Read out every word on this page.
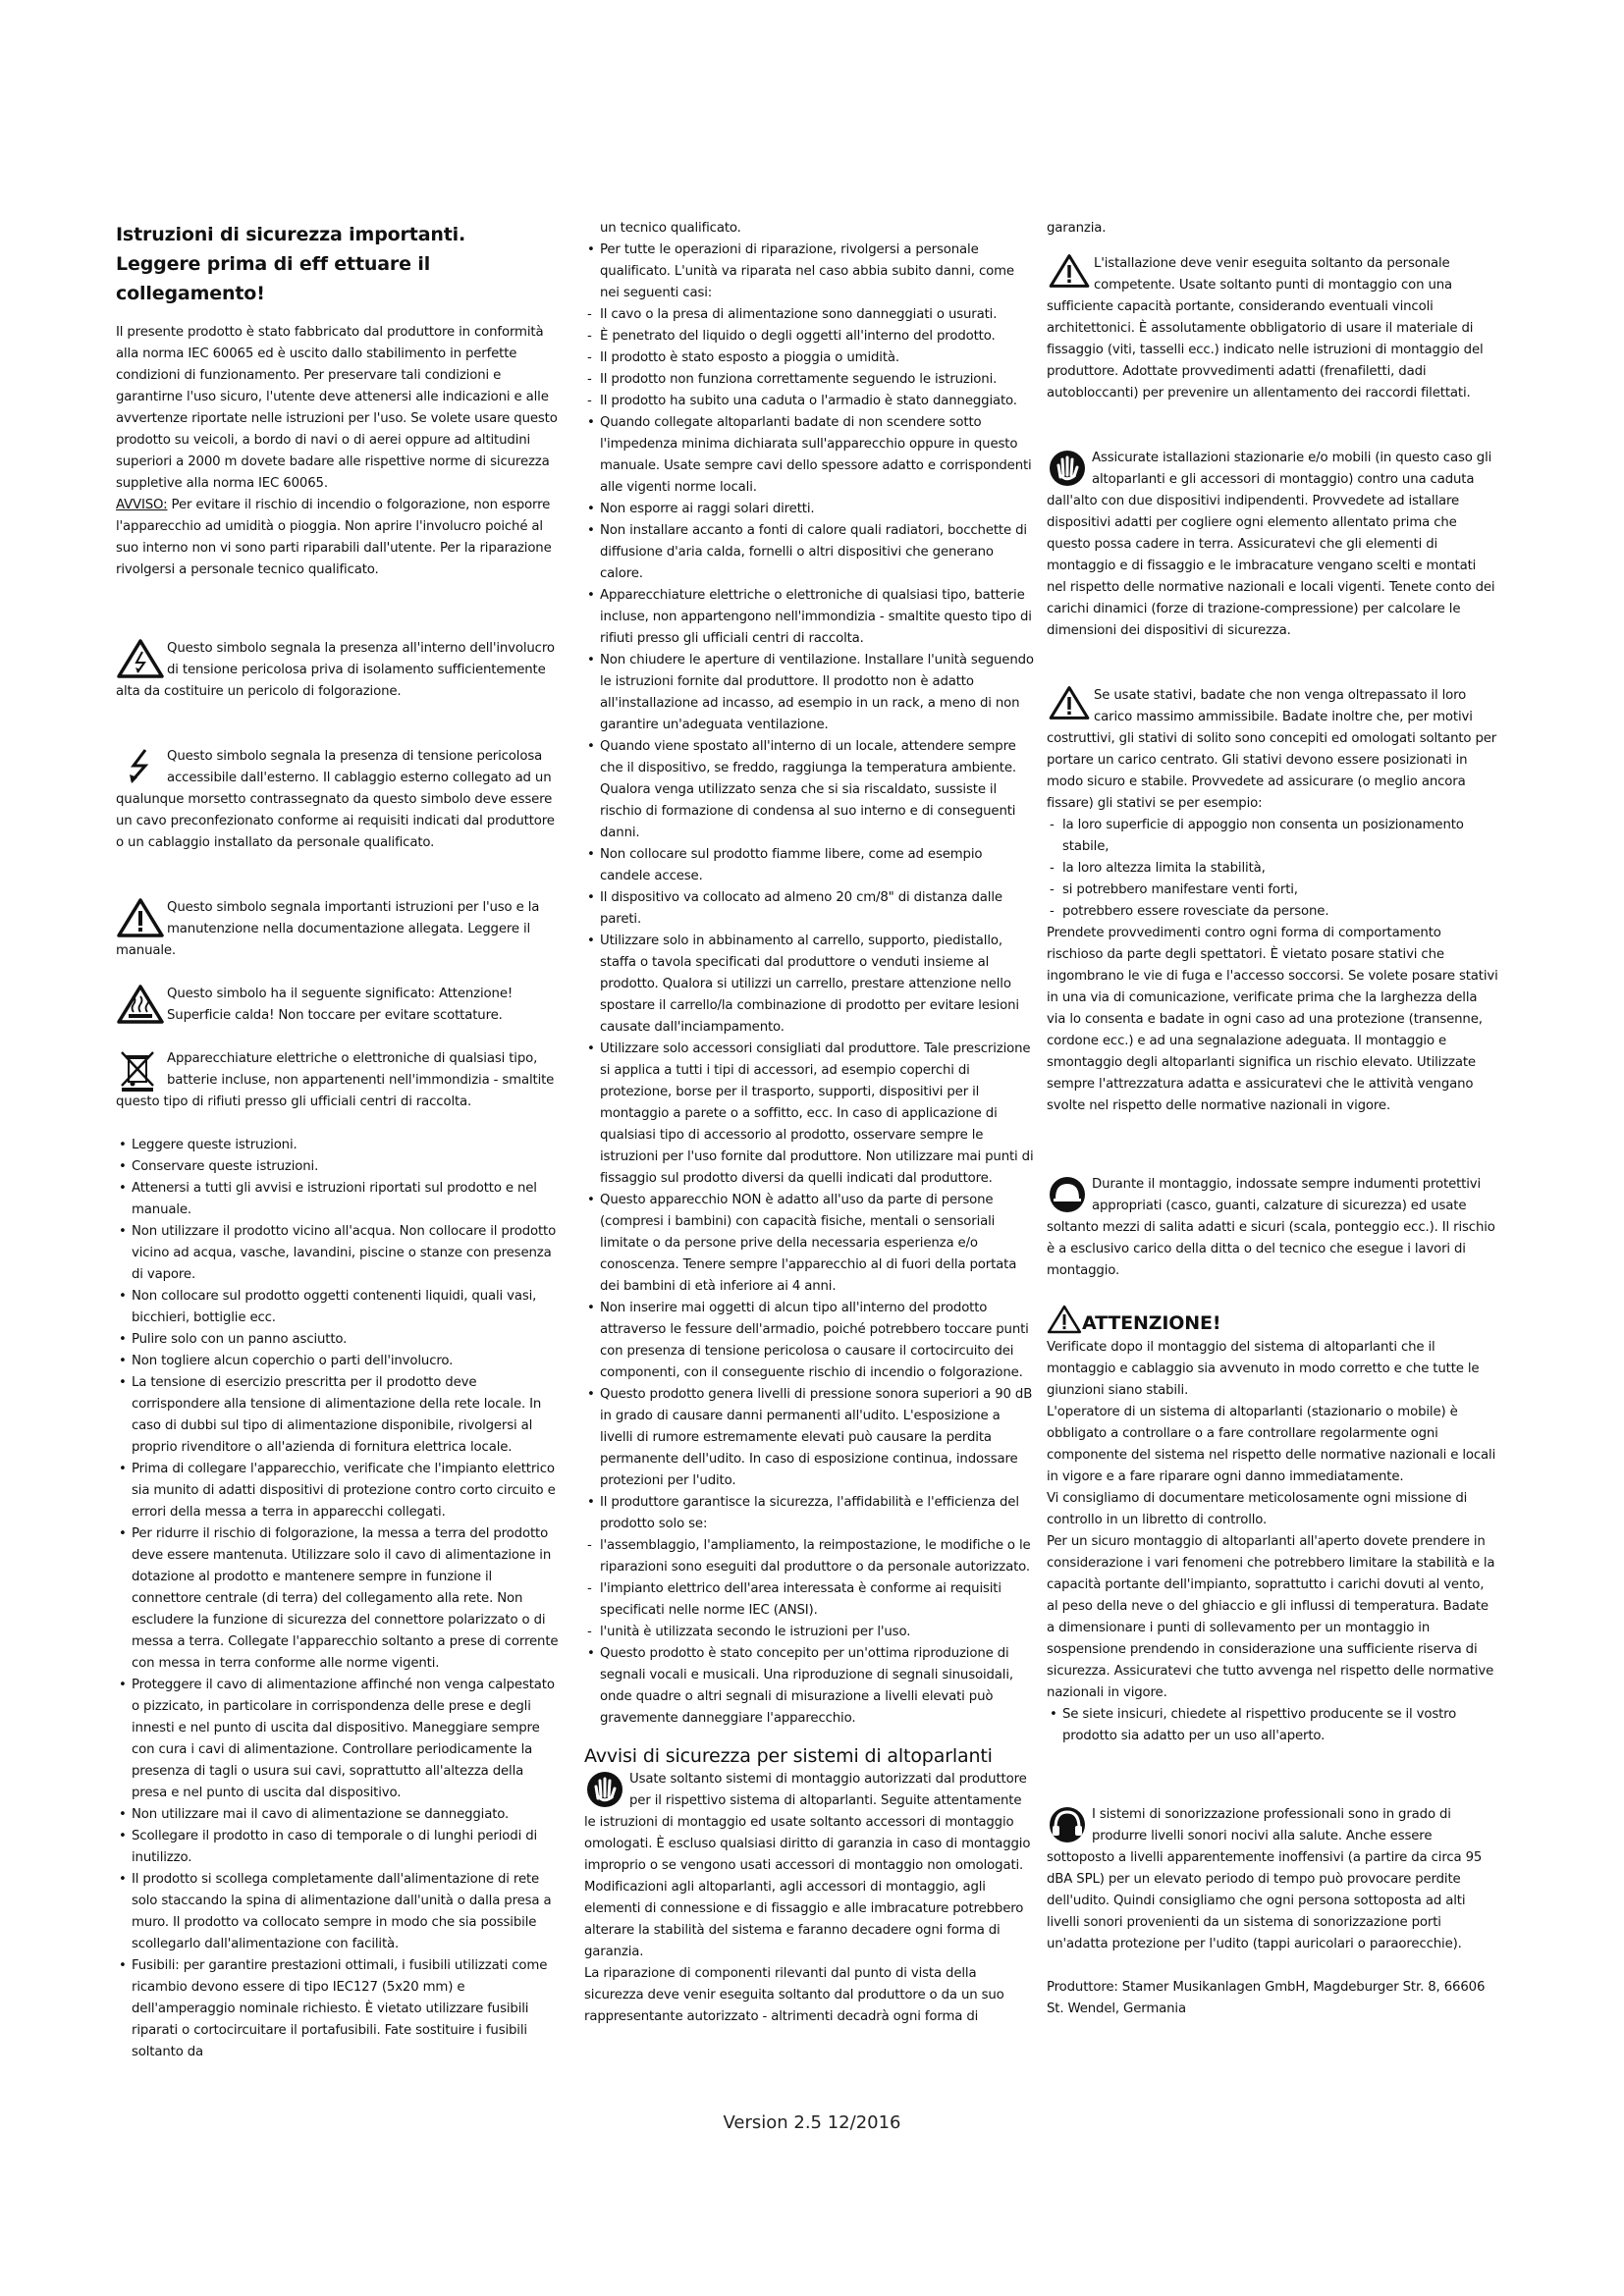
Istruzioni di sicurezza importanti.

Leggere prima di eff ettuare il collegamento!

Il presente prodotto è stato fabbricato dal produttore in conformità alla norma IEC 60065 ed è uscito dallo stabilimento in perfette condizioni di funzionamento. Per preservare tali condizioni e garantirne l'uso sicuro, l'utente deve attenersi alle indicazioni e alle avvertenze riportate nelle istruzioni per l'uso. Se volete usare questo prodotto su veicoli, a bordo di navi o di aerei oppure ad altitudini superiori a 2000 m dovete badare alle rispettive norme di sicurezza suppletive alla norma IEC 60065.

AVVISO: Per evitare il rischio di incendio o folgorazione, non esporre l'apparecchio ad umidità o pioggia. Non aprire l'involucro poiché al suo interno non vi sono parti riparabili dall'utente. Per la riparazione rivolgersi a personale tecnico qualificato.

Questo simbolo segnala la presenza all'interno dell'involucro di tensione pericolosa priva di isolamento sufficientemente alta da costituire un pericolo di folgorazione.
Questo simbolo segnala la presenza di tensione pericolosa accessibile dall'esterno. Il cablaggio esterno collegato ad un qualunque morsetto contrassegnato da questo simbolo deve essere un cavo preconfezionato conforme ai requisiti indicati dal produttore o un cablaggio installato da personale qualificato.
Questo simbolo segnala importanti istruzioni per l'uso e la manutenzione nella documentazione allegata. Leggere il manuale.
Questo simbolo ha il seguente significato: Attenzione! Superficie calda! Non toccare per evitare scottature.
Apparecchiature elettriche o elettroniche di qualsiasi tipo, batterie incluse, non appartenenti nell'immondizia - smaltite questo tipo di rifiuti presso gli ufficiali centri di raccolta.
• Leggere queste istruzioni.
• Conservare queste istruzioni.
• Attenersi a tutti gli avvisi e istruzioni riportati sul prodotto e nel manuale.
• Non utilizzare il prodotto vicino all'acqua. Non collocare il prodotto vicino ad acqua, vasche, lavandini, piscine o stanze con presenza di vapore.
• Non collocare sul prodotto oggetti contenenti liquidi, quali vasi, bicchieri, bottiglie ecc.
• Pulire solo con un panno asciutto.
• Non togliere alcun coperchio o parti dell'involucro.
• La tensione di esercizio prescritta per il prodotto deve corrispondere alla tensione di alimentazione della rete locale. In caso di dubbi sul tipo di alimentazione disponibile, rivolgersi al proprio rivenditore o all'azienda di fornitura elettrica locale.
• Prima di collegare l'apparecchio, verificate che l'impianto elettrico sia munito di adatti dispositivi di protezione contro corto circuito e errori della messa a terra in apparecchi collegati.
• Per ridurre il rischio di folgorazione, la messa a terra del prodotto deve essere mantenuta. Utilizzare solo il cavo di alimentazione in dotazione al prodotto e mantenere sempre in funzione il connettore centrale (di terra) del collegamento alla rete. Non escludere la funzione di sicurezza del connettore polarizzato o di messa a terra. Collegate l'apparecchio soltanto a prese di corrente con messa in terra conforme alle norme vigenti.
• Proteggere il cavo di alimentazione affinché non venga calpestato o pizzicato, in particolare in corrispondenza delle prese e degli innesti e nel punto di uscita dal dispositivo. Maneggiare sempre con cura i cavi di alimentazione. Controllare periodicamente la presenza di tagli o usura sui cavi, soprattutto all'altezza della presa e nel punto di uscita dal dispositivo.
• Non utilizzare mai il cavo di alimentazione se danneggiato.
• Scollegare il prodotto in caso di temporale o di lunghi periodi di inutilizzo.
• Il prodotto si scollega completamente dall'alimentazione di rete solo staccando la spina di alimentazione dall'unità o dalla presa a muro. Il prodotto va collocato sempre in modo che sia possibile scollegarlo dall'alimentazione con facilità.
• Fusibili: per garantire prestazioni ottimali, i fusibili utilizzati come ricambio devono essere di tipo IEC127 (5x20 mm) e dell'amperaggio nominale richiesto. È vietato utilizzare fusibili riparati o cortocircuitare il portafusibili. Fate sostituire i fusibili soltanto da

un tecnico qualificato.

• Per tutte le operazioni di riparazione, rivolgersi a personale qualificato. L'unità va riparata nel caso abbia subito danni, come nei seguenti casi:
- Il cavo o la presa di alimentazione sono danneggiati o usurati.
- È penetrato del liquido o degli oggetti all'interno del prodotto.
- Il prodotto è stato esposto a pioggia o umidità.
- Il prodotto non funziona correttamente seguendo le istruzioni.
- Il prodotto ha subito una caduta o l'armadio è stato danneggiato.
• Quando collegate altoparlanti badate di non scendere sotto l'impedenza minima dichiarata sull'apparecchio oppure in questo manuale. Usate sempre cavi dello spessore adatto e corrispondenti alle vigenti norme locali.
• Non esporre ai raggi solari diretti.
• Non installare accanto a fonti di calore quali radiatori, bocchette di diffusione d'aria calda, fornelli o altri dispositivi che generano calore.
• Apparecchiature elettriche o elettroniche di qualsiasi tipo, batterie incluse, non appartengono nell'immondizia - smaltite questo tipo di rifiuti presso gli ufficiali centri di raccolta.
• Non chiudere le aperture di ventilazione. Installare l'unità seguendo le istruzioni fornite dal produttore. Il prodotto non è adatto all'installazione ad incasso, ad esempio in un rack, a meno di non garantire un'adeguata ventilazione.
• Quando viene spostato all'interno di un locale, attendere sempre che il dispositivo, se freddo, raggiunga la temperatura ambiente. Qualora venga utilizzato senza che si sia riscaldato, sussiste il rischio di formazione di condensa al suo interno e di conseguenti danni.
• Non collocare sul prodotto fiamme libere, come ad esempio candele accese.
• Il dispositivo va collocato ad almeno 20 cm/8" di distanza dalle pareti.
• Utilizzare solo in abbinamento al carrello, supporto, piedistallo, staffa o tavola specificati dal produttore o venduti insieme al prodotto. Qualora si utilizzi un carrello, prestare attenzione nello spostare il carrello/la combinazione di prodotto per evitare lesioni causate dall'inciampamento.
• Utilizzare solo accessori consigliati dal produttore. Tale prescrizione si applica a tutti i tipi di accessori, ad esempio coperchi di protezione, borse per il trasporto, supporti, dispositivi per il montaggio a parete o a soffitto, ecc. In caso di applicazione di qualsiasi tipo di accessorio al prodotto, osservare sempre le istruzioni per l'uso fornite dal produttore. Non utilizzare mai punti di fissaggio sul prodotto diversi da quelli indicati dal produttore.
• Questo apparecchio NON è adatto all'uso da parte di persone (compresi i bambini) con capacità fisiche, mentali o sensoriali limitate o da persone prive della necessaria esperienza e/o conoscenza. Tenere sempre l'apparecchio al di fuori della portata dei bambini di età inferiore ai 4 anni.
• Non inserire mai oggetti di alcun tipo all'interno del prodotto attraverso le fessure dell'armadio, poiché potrebbero toccare punti con presenza di tensione pericolosa o causare il cortocircuito dei componenti, con il conseguente rischio di incendio o folgorazione.
• Questo prodotto genera livelli di pressione sonora superiori a 90 dB in grado di causare danni permanenti all'udito. L'esposizione a livelli di rumore estremamente elevati può causare la perdita permanente dell'udito. In caso di esposizione continua, indossare protezioni per l'udito.
• Il produttore garantisce la sicurezza, l'affidabilità e l'efficienza del prodotto solo se:
- l'assemblaggio, l'ampliamento, la reimpostazione, le modifiche o le riparazioni sono eseguiti dal produttore o da personale autorizzato.
- l'impianto elettrico dell'area interessata è conforme ai requisiti specificati nelle norme IEC (ANSI).
- l'unità è utilizzata secondo le istruzioni per l'uso.
• Questo prodotto è stato concepito per un'ottima riproduzione di segnali vocali e musicali. Una riproduzione di segnali sinusoidali, onde quadre o altri segnali di misurazione a livelli elevati può gravemente danneggiare l'apparecchio.

Avvisi di sicurezza per sistemi di altoparlanti

Usate soltanto sistemi di montaggio autorizzati dal produttore per il rispettivo sistema di altoparlanti. Seguite attentamente le istruzioni di montaggio ed usate soltanto accessori di montaggio omologati. È escluso qualsiasi diritto di garanzia in caso di montaggio improprio o se vengono usati accessori di montaggio non omologati. Modificazioni agli altoparlanti, agli accessori di montaggio, agli elementi di connessione e di fissaggio e alle imbracature potrebbero alterare la stabilità del sistema e faranno decadere ogni forma di garanzia.

La riparazione di componenti rilevanti dal punto di vista della sicurezza deve venir eseguita soltanto dal produttore o da un suo rappresentante autorizzato - altrimenti decadrà ogni forma di

garanzia.

L'istallazione deve venir eseguita soltanto da personale competente. Usate soltanto punti di montaggio con una sufficiente capacità portante, considerando eventuali vincoli architettonici. È assolutamente obbligatorio di usare il materiale di fissaggio (viti, tasselli ecc.) indicato nelle istruzioni di montaggio del produttore. Adottate provvedimenti adatti (frenafiletti, dadi autobloccanti) per prevenire un allentamento dei raccordi filettati.
Assicurate istallazioni stazionarie e/o mobili (in questo caso gli altoparlanti e gli accessori di montaggio) contro una caduta dall'alto con due dispositivi indipendenti. Provvedete ad istallare dispositivi adatti per cogliere ogni elemento allentato prima che questo possa cadere in terra. Assicuratevi che gli elementi di montaggio e di fissaggio e le imbracature vengano scelti e montati nel rispetto delle normative nazionali e locali vigenti. Tenete conto dei carichi dinamici (forze di trazione-compressione) per calcolare le dimensioni dei dispositivi di sicurezza.
Se usate stativi, badate che non venga oltrepassato il loro carico massimo ammissibile. Badate inoltre che, per motivi costruttivi, gli stativi di solito sono concepiti ed omologati soltanto per portare un carico centrato. Gli stativi devono essere posizionati in modo sicuro e stabile. Provvedete ad assicurare (o meglio ancora fissare) gli stativi se per esempio:
- la loro superficie di appoggio non consenta un posizionamento stabile,
- la loro altezza limita la stabilità,
- si potrebbero manifestare venti forti,
- potrebbero essere rovesciate da persone.

Prendete provvedimenti contro ogni forma di comportamento rischioso da parte degli spettatori. È vietato posare stativi che ingombrano le vie di fuga e l'accesso soccorsi. Se volete posare stativi in una via di comunicazione, verificate prima che la larghezza della via lo consenta e badate in ogni caso ad una protezione (transenne, cordone ecc.) e ad una segnalazione adeguata. Il montaggio e smontaggio degli altoparlanti significa un rischio elevato. Utilizzate sempre l'attrezzatura adatta e assicuratevi che le attività vengano svolte nel rispetto delle normative nazionali in vigore.

Durante il montaggio, indossate sempre indumenti protettivi appropriati (casco, guanti, calzature di sicurezza) ed usate soltanto mezzi di salita adatti e sicuri (scala, ponteggio ecc.). Il rischio è a esclusivo carico della ditta o del tecnico che esegue i lavori di montaggio.
ATTENZIONE!

Verificate dopo il montaggio del sistema di altoparlanti che il montaggio e cablaggio sia avvenuto in modo corretto e che tutte le giunzioni siano stabili.

L'operatore di un sistema di altoparlanti (stazionario o mobile) è obbligato a controllare o a fare controllare regolarmente ogni componente del sistema nel rispetto delle normative nazionali e locali in vigore e a fare riparare ogni danno immediatamente.

Vi consigliamo di documentare meticolosamente ogni missione di controllo in un libretto di controllo.

Per un sicuro montaggio di altoparlanti all'aperto dovete prendere in considerazione i vari fenomeni che potrebbero limitare la stabilità e la capacità portante dell'impianto, soprattutto i carichi dovuti al vento, al peso della neve o del ghiaccio e gli influssi di temperatura. Badate a dimensionare i punti di sollevamento per un montaggio in sospensione prendendo in considerazione una sufficiente riserva di sicurezza. Assicuratevi che tutto avvenga nel rispetto delle normative nazionali in vigore.

• Se siete insicuri, chiedete al rispettivo producente se il vostro prodotto sia adatto per un uso all'aperto.
I sistemi di sonorizzazione professionali sono in grado di produrre livelli sonori nocivi alla salute. Anche essere sottoposto a livelli apparentemente inoffensivi (a partire da circa 95 dBA SPL) per un elevato periodo di tempo può provocare perdite dell'udito. Quindi consigliamo che ogni persona sottoposta ad alti livelli sonori provenienti da un sistema di sonorizzazione porti un'adatta protezione per l'udito (tappi auricolari o paraorecchie).

Produttore: Stamer Musikanlagen GmbH, Magdeburger Str. 8, 66606 St. Wendel, Germania

Version 2.5 12/2016
